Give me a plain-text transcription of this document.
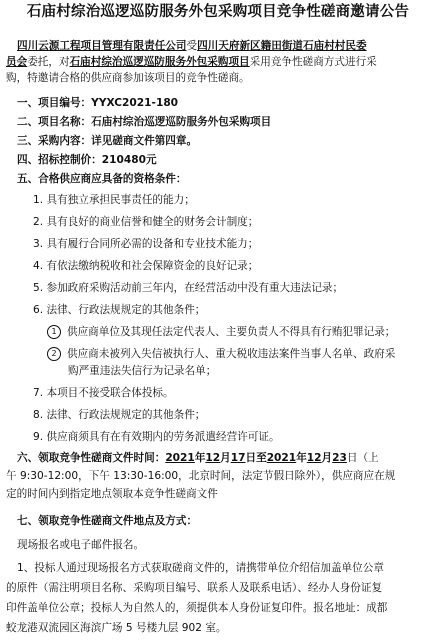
石庙村综治巡逻巡防服务外包采购项目竞争性磋商邀请公告
四川云源工程项目管理有限责任公司受四川天府新区籍田街道石庙村村民委
员会委托，对石庙村综治巡逻巡防服务外包采购项目采用竞争性磋商方式进行采
购，特邀请合格的供应商参加该项目的竞争性磋商。
一、项目编号：YYXC2021-180
二、项目名称：石庙村综治巡逻巡防服务外包采购项目
三、采购内容：详见磋商文件第四章。
四、招标控制价：210480元
五、合格供应商应具备的资格条件：
1. 具有独立承担民事责任的能力；
2. 具有良好的商业信誉和健全的财务会计制度；
3. 具有履行合同所必需的设备和专业技术能力；
4. 有依法缴纳税收和社会保障资金的良好记录；
5. 参加政府采购活动前三年内，在经营活动中没有重大违法记录；
6. 法律、行政法规规定的其他条件；
1 供应商单位及其现任法定代表人、主要负责人不得具有行贿犯罪记录；
2 供应商未被列入失信被执行人、重大税收违法案件当事人名单、政府采
购严重违法失信行为记录名单；
7. 本项目不接受联合体投标。
8. 法律、行政法规规定的其他条件；
9. 供应商须具有在有效期内的劳务派遣经营许可证。
六、领取竞争性磋商文件时间：2021年12月17日至2021年12月23日（上
午 9:30-12:00，下午 13:30-16:00，北京时间，法定节假日除外），供应商应在规
定的时间内到指定地点领取本竞争性磋商文件
七、领取竞争性磋商文件地点及方式：
现场报名或电子邮件报名。
1、投标人通过现场报名方式获取磋商文件的，请携带单位介绍信加盖单位公章
的原件（需注明项目名称、采购项目编号、联系人及联系电话）、经办人身份证复
印件盖单位公章；投标人为自然人的，须提供本人身份证复印件。报名地址：成都
蛟龙港双流园区海滨广场 5 号楼九层 902 室。
